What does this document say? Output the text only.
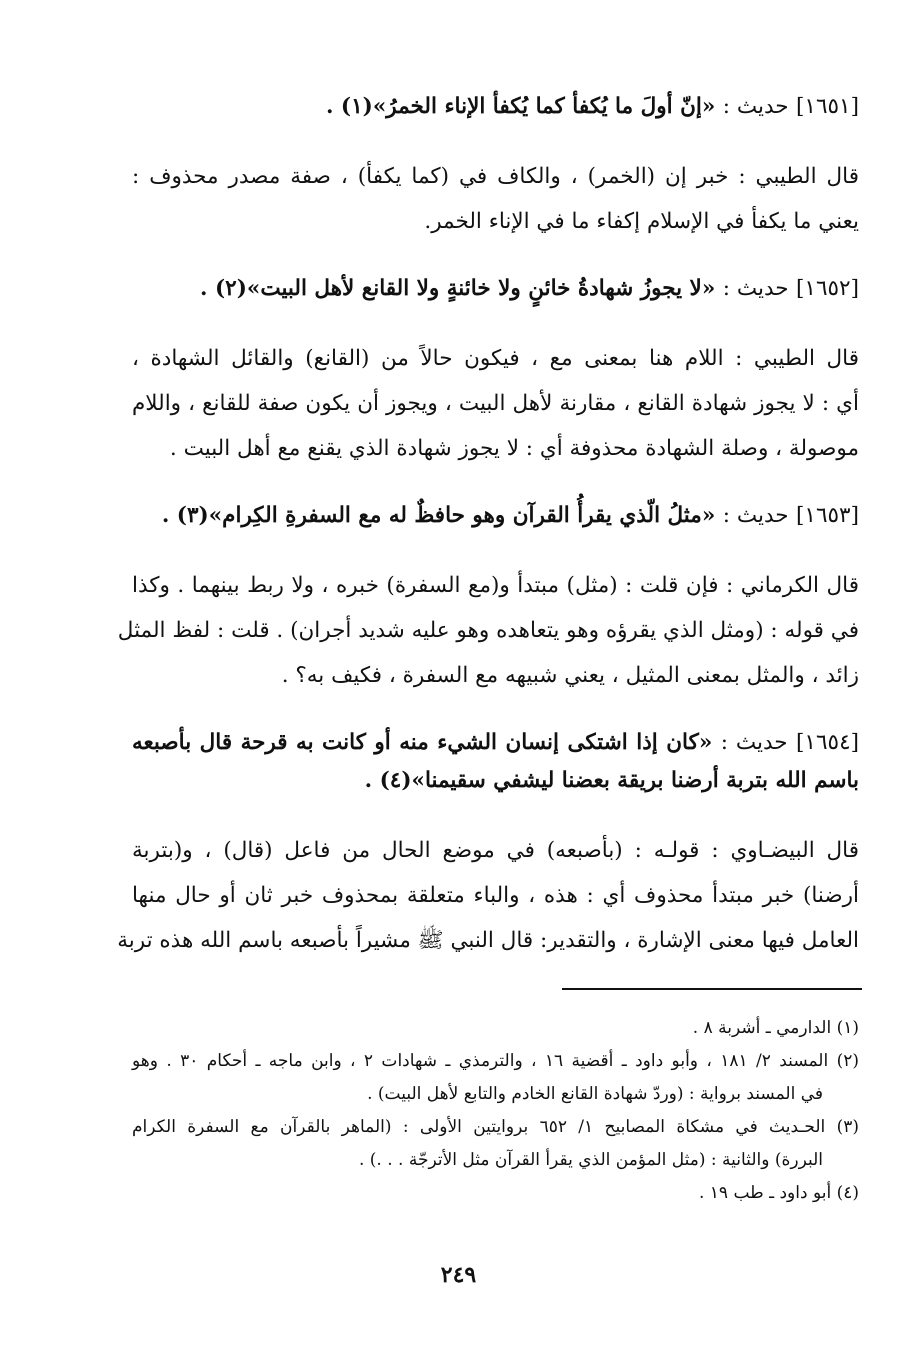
[١٦٥١] حديث : «إنّ أولَ ما يُكفأ كما يُكفأ الإناء الخمرُ»(١) .
قال الطيبي : خبر إن (الخمر) ، والكاف في (كما يكفأ) ، صفة مصدر محذوف :
يعني ما يكفأ في الإسلام إكفاء ما في الإناء الخمر.
[١٦٥٢] حديث : «لا يجوزُ شهادةُ خائنٍ ولا خائنةٍ ولا القانع لأهل البيت»(٢) .
قال الطيبي : اللام هنا بمعنى مع ، فيكون حالاً من (القانع) والقائل الشهادة ،
أي : لا يجوز شهادة القانع ، مقارنة لأهل البيت ، ويجوز أن يكون صفة للقانع ، واللام
موصولة ، وصلة الشهادة محذوفة أي : لا يجوز شهادة الذي يقنع مع أهل البيت .
[١٦٥٣] حديث : «مثلُ الّذي يقرأُ القرآن وهو حافظٌ له مع السفرةِ الكِرام»(٣) .
قال الكرماني : فإن قلت : (مثل) مبتدأ و(مع السفرة) خبره ، ولا ربط بينهما . وكذا
في قوله : (ومثل الذي يقرؤه وهو يتعاهده وهو عليه شديد أجران) . قلت : لفظ المثل
زائد ، والمثل بمعنى المثيل ، يعني شبيهه مع السفرة ، فكيف به؟ .
[١٦٥٤] حديث : «كان إذا اشتكى إنسان الشيء منه أو كانت به قرحة قال بأصبعه
باسم الله بتربة أرضنا بريقة بعضنا ليشفي سقيمنا»(٤) .
قال البيضـاوي : قولـه : (بأصبعه) في موضع الحال من فاعل (قال) ، و(بتربة
أرضنا) خبر مبتدأ محذوف أي : هذه ، والباء متعلقة بمحذوف خبر ثان أو حال منها
العامل فيها معنى الإشارة ، والتقدير: قال النبي ﷺ مشيراً بأصبعه باسم الله هذه تربة
(١) الدارمي ـ أشربة ٨ .
(٢) المسند ٢/ ١٨١ ، وأبو داود ـ أقضية ١٦ ، والترمذي ـ شهادات ٢ ، وابن ماجه ـ أحكام ٣٠ . وهو
في المسند برواية : (وردّ شهادة القانع الخادم والتابع لأهل البيت) .
(٣) الحـديث في مشكاة المصابيح ١/ ٦٥٢ بروايتين الأولى : (الماهر بالقرآن مع السفرة الكرام
البررة) والثانية : (مثل المؤمن الذي يقرأ القرآن مثل الأترجّة . . .) .
(٤) أبو داود ـ طب ١٩ .
٢٤٩
